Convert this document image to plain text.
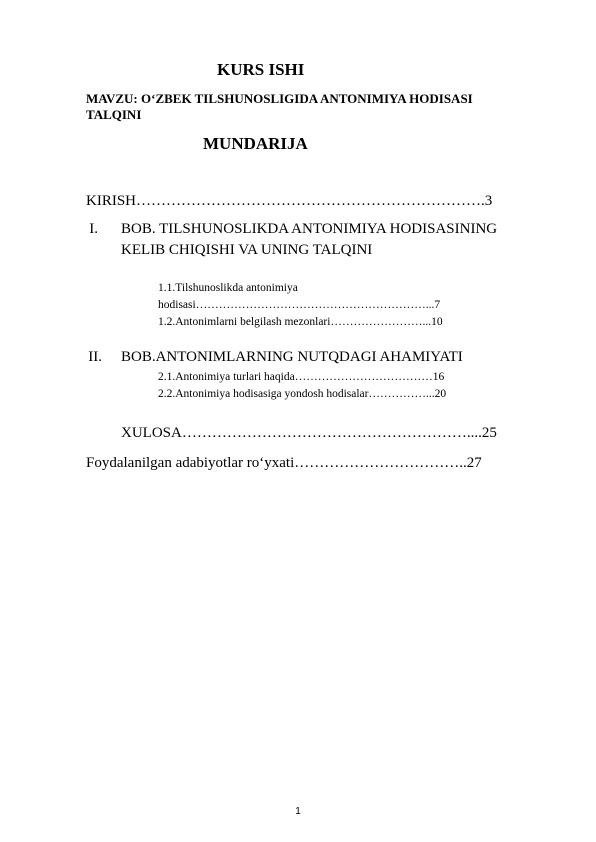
KURS ISHI
MAVZU: O‘ZBEK TILSHUNOSLIGIDA ANTONIMIYA HODISASI
TALQINI
MUNDARIJA
KIRISH…………………………………………………………….3
I. BOB. TILSHUNOSLIKDA ANTONIMIYA HODISASINING
KELIB CHIQISHI VA UNING TALQINI
1.1.Tilshunoslikda antonimiya
hodisasi……………………………………………………...7
1.2.Antonimlarni belgilash mezonlari……………………...10
II. BOB.ANTONIMLARNING NUTQDAGI AHAMIYATI
2.1.Antonimiya turlari haqida………………………………16
2.2.Antonimiya hodisasiga yondosh hodisalar……………...20
XULOSA…………………………………………………....25
Foydalanilgan adabiyotlar ro‘yxati……………………………..27
1
